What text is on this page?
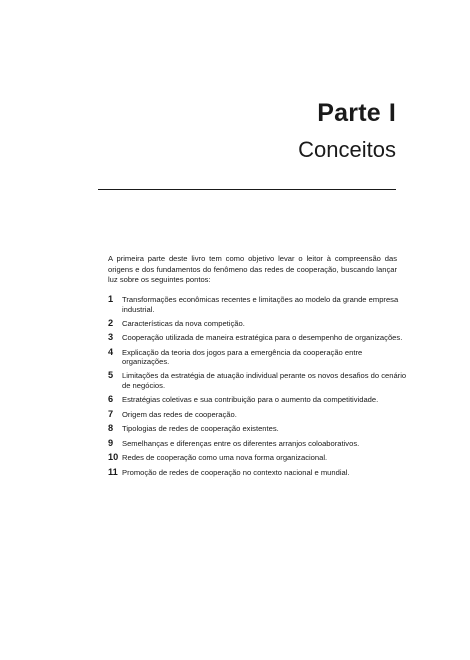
Parte I
Conceitos

A primeira parte deste livro tem como objetivo levar o leitor à compreensão das origens e dos fundamentos do fenômeno das redes de cooperação, buscando lançar luz sobre os seguintes pontos:

1	Transformações econômicas recentes e limitações ao modelo da grande empresa industrial.
2	Características da nova competição.
3	Cooperação utilizada de maneira estratégica para o desempenho de organizações.
4	Explicação da teoria dos jogos para a emergência da cooperação entre organizações.
5	Limitações da estratégia de atuação individual perante os novos desafios do cenário de negócios.
6	Estratégias coletivas e sua contribuição para o aumento da competitividade.
7	Origem das redes de cooperação.
8	Tipologias de redes de cooperação existentes.
9	Semelhanças e diferenças entre os diferentes arranjos coloaborativos.
10 Redes de cooperação como uma nova forma organizacional.
11 Promoção de redes de cooperação no contexto nacional e mundial.
